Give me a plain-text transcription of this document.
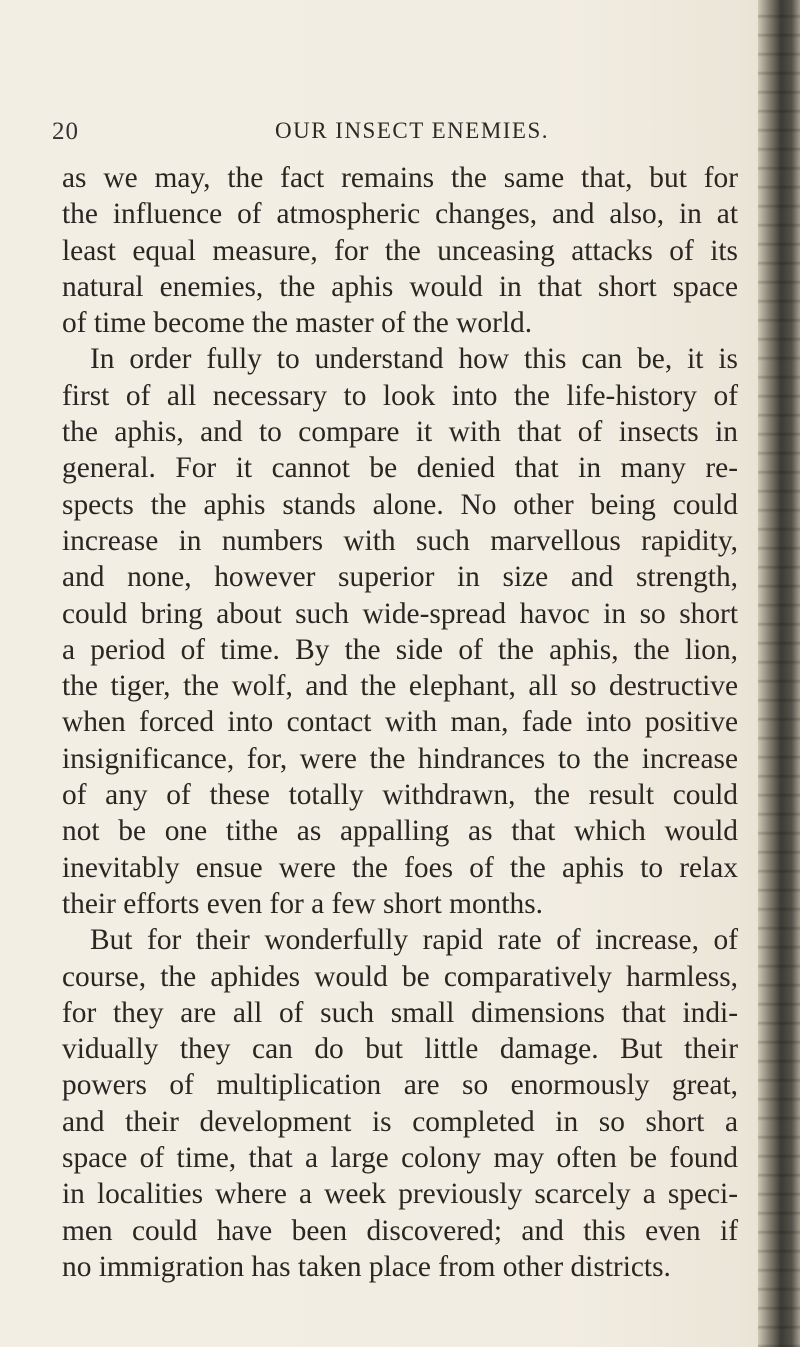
20	OUR INSECT ENEMIES.
as we may, the fact remains the same that, but for
the influence of atmospheric changes, and also, in at
least equal measure, for the unceasing attacks of its
natural enemies, the aphis would in that short space
of time become the master of the world.
In order fully to understand how this can be, it is
first of all necessary to look into the life-history of
the aphis, and to compare it with that of insects in
general. For it cannot be denied that in many re-
spects the aphis stands alone. No other being could
increase in numbers with such marvellous rapidity,
and none, however superior in size and strength,
could bring about such wide-spread havoc in so short
a period of time. By the side of the aphis, the lion,
the tiger, the wolf, and the elephant, all so destructive
when forced into contact with man, fade into positive
insignificance, for, were the hindrances to the increase
of any of these totally withdrawn, the result could
not be one tithe as appalling as that which would
inevitably ensue were the foes of the aphis to relax
their efforts even for a few short months.
But for their wonderfully rapid rate of increase, of
course, the aphides would be comparatively harmless,
for they are all of such small dimensions that indi-
vidually they can do but little damage. But their
powers of multiplication are so enormously great,
and their development is completed in so short a
space of time, that a large colony may often be found
in localities where a week previously scarcely a speci-
men could have been discovered; and this even if
no immigration has taken place from other districts.
